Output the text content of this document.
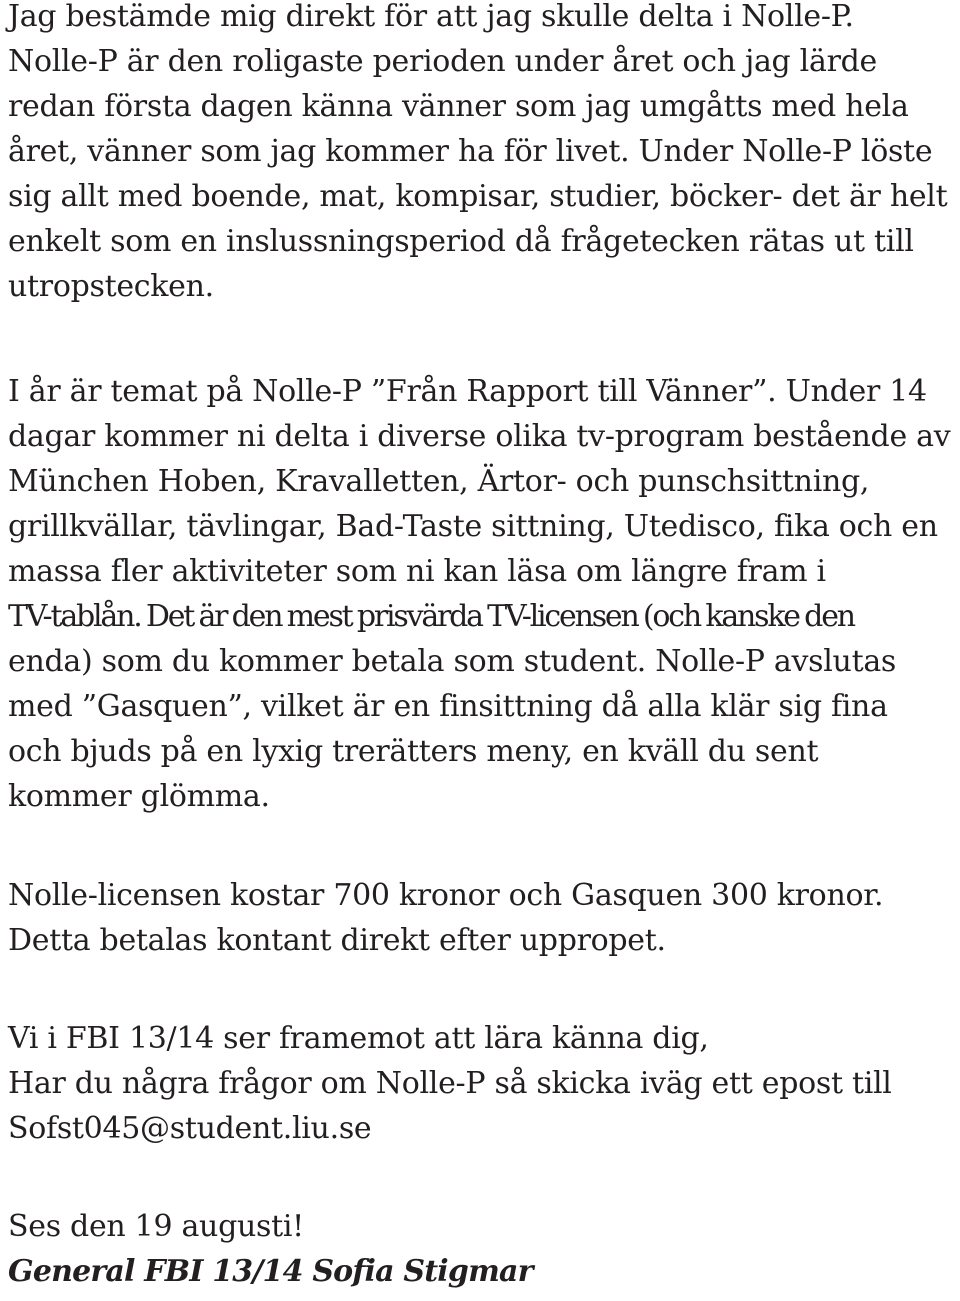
Jag bestämde mig direkt för att jag skulle delta i Nolle-P.
Nolle-P är den roligaste perioden under året och jag lärde
redan första dagen känna vänner som jag umgåtts med hela
året, vänner som jag kommer ha för livet. Under Nolle-P löste
sig allt med boende, mat, kompisar, studier, böcker- det är helt
enkelt som en inslussningsperiod då frågetecken rätas ut till
utropstecken.
I år är temat på Nolle-P ”Från Rapport till Vänner”. Under 14
dagar kommer ni delta i diverse olika tv-program bestående av
München Hoben, Kravalletten, Ärtor- och punschsittning,
grillkvällar, tävlingar, Bad-Taste sittning, Utedisco, fika och en
massa fler aktiviteter som ni kan läsa om längre fram i
TV-tablån. Det är den mest prisvärda TV-licensen (och kanske den
enda) som du kommer betala som student. Nolle-P avslutas
med ”Gasquen”, vilket är en finsittning då alla klär sig fina
och bjuds på en lyxig trerätters meny, en kväll du sent
kommer glömma.
Nolle-licensen kostar 700 kronor och Gasquen 300 kronor.
Detta betalas kontant direkt efter uppropet.
Vi i FBI 13/14 ser framemot att lära känna dig,
Har du några frågor om Nolle-P så skicka iväg ett epost till
Sofst045@student.liu.se
Ses den 19 augusti!
General FBI 13/14 Sofia Stigmar
